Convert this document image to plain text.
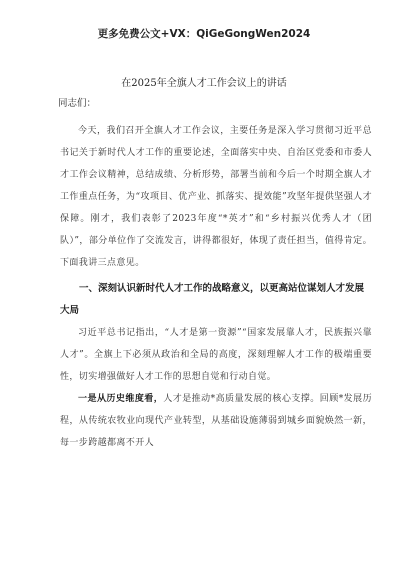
更多免费公文+VX：QiGeGongWen2024
在2025年全旗人才工作会议上的讲话
同志们：

今天，我们召开全旗人才工作会议，主要任务是深入学习贯彻习近平总书记关于新时代人才工作的重要论述，全面落实中央、自治区党委和市委人才工作会议精神，总结成绩、分析形势，部署当前和今后一个时期全旗人才工作重点任务，为“攻项目、优产业、抓落实、提效能”攻坚年提供坚强人才保障。刚才，我们表彰了2023年度“*英才”和“乡村振兴优秀人才（团队）”，部分单位作了交流发言，讲得都很好，体现了责任担当，值得肯定。下面我讲三点意见。

一、深刻认识新时代人才工作的战略意义，以更高站位谋划人才发展大局

习近平总书记指出，“人才是第一资源”“国家发展靠人才，民族振兴靠人才”。全旗上下必须从政治和全局的高度，深刻理解人才工作的极端重要性，切实增强做好人才工作的思想自觉和行动自觉。

一是从历史维度看，人才是推动*高质量发展的核心支撑。回顾*发展历程，从传统农牧业向现代产业转型，从基础设施薄弱到城乡面貌焕然一新，每一步跨越都离不开人
